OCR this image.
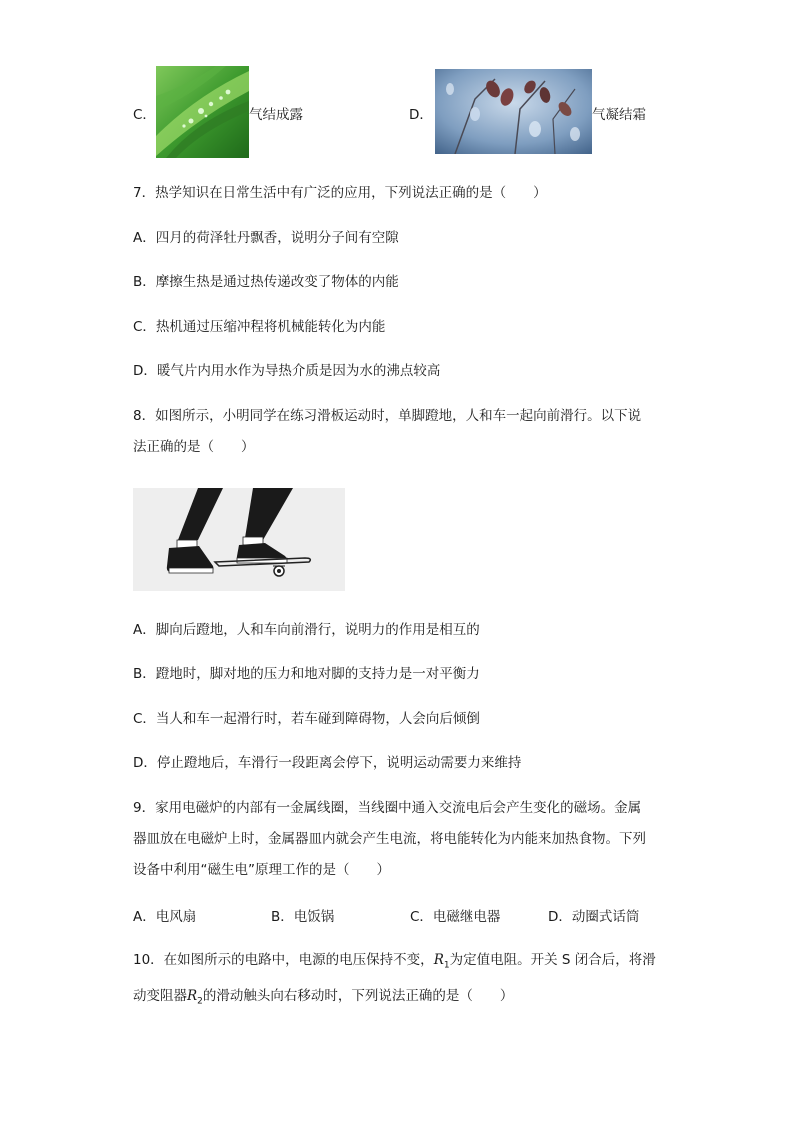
C．	气结成露	D．	气凝结霜
7．热学知识在日常生活中有广泛的应用，下列说法正确的是（　　）
A．四月的荷泽牡丹飘香，说明分子间有空隙
B．摩擦生热是通过热传递改变了物体的内能
C．热机通过压缩冲程将机械能转化为内能
D．暖气片内用水作为导热介质是因为水的沸点较高
8．如图所示，小明同学在练习滑板运动时，单脚蹬地，人和车一起向前滑行。以下说
法正确的是（　　）
A．脚向后蹬地，人和车向前滑行，说明力的作用是相互的
B．蹬地时，脚对地的压力和地对脚的支持力是一对平衡力
C．当人和车一起滑行时，若车碰到障碍物，人会向后倾倒
D．停止蹬地后，车滑行一段距离会停下，说明运动需要力来维持
9．家用电磁炉的内部有一金属线圈，当线圈中通入交流电后会产生变化的磁场。金属
器皿放在电磁炉上时，金属器皿内就会产生电流，将电能转化为内能来加热食物。下列
设备中利用“磁生电”原理工作的是（　　）
A．电风扇	B．电饭锅	C．电磁继电器	D．动圈式话筒
10．在如图所示的电路中，电源的电压保持不变，$R_1$为定值电阻。开关 S 闭合后，将滑
动变阻器$R_2$的滑动触头向右移动时，下列说法正确的是（　　）
